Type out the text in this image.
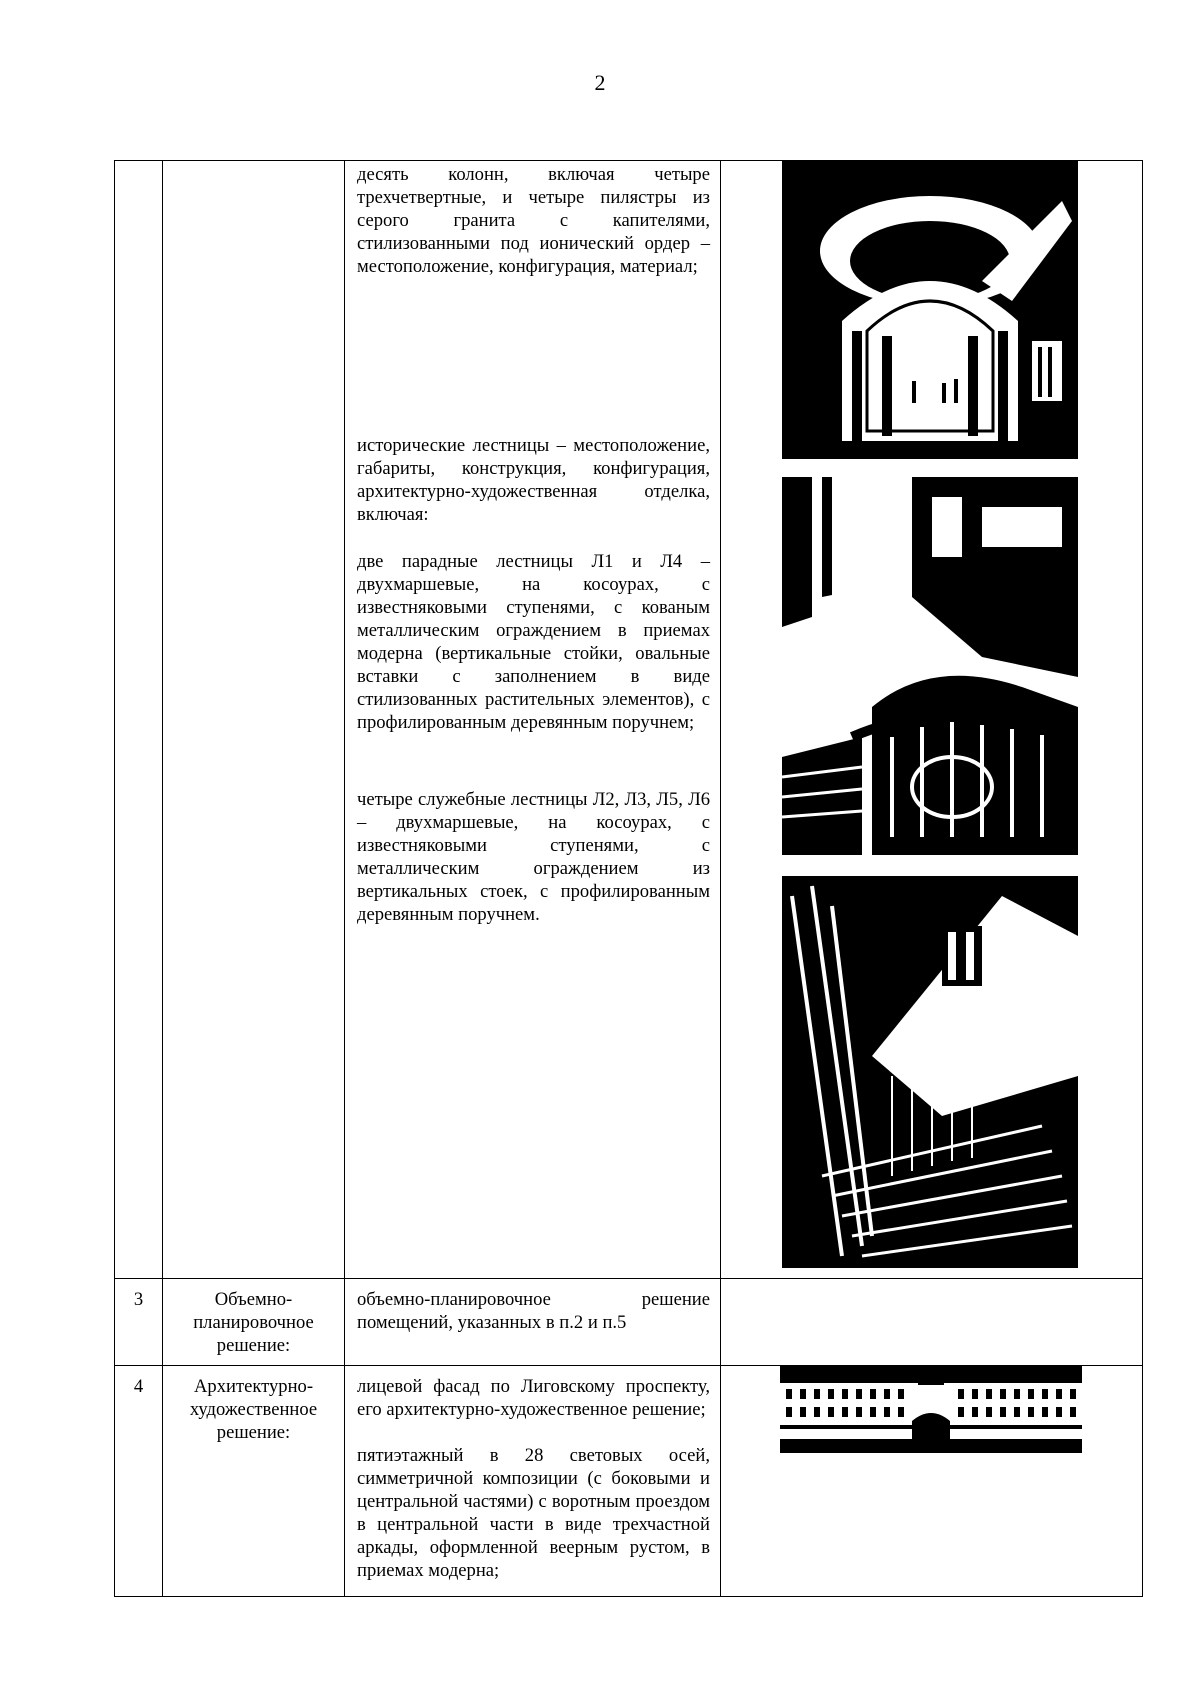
2

		десять колонн, включая четыре трехчетвертные, и четыре пилястры из серого гранита с капителями, стилизованными под ионический ордер – местоположение, конфигурация, материал;

исторические лестницы – местоположение, габариты, конструкция, конфигурация, архитектурно-художественная отделка, включая:

две парадные лестницы Л1 и Л4 – двухмаршевые, на косоурах, с известняковыми ступенями, с кованым металлическим ограждением в приемах модерна (вертикальные стойки, овальные вставки с заполнением в виде стилизованных растительных элементов), с профилированным деревянным поручнем;

четыре служебные лестницы Л2, Л3, Л5, Л6 – двухмаршевые, на косоурах, с известняковыми ступенями, с металлическим ограждением из вертикальных стоек, с профилированным деревянным поручнем.	

3	Объемно-планировочное решение:	объемно-планировочное решение помещений, указанных в п.2 и п.5	

4	Архитектурно-художественное решение:	лицевой фасад по Лиговскому проспекту, его архитектурно-художественное решение;

пятиэтажный в 28 световых осей, симметричной композиции (с боковыми и центральной частями) с воротным проездом в центральной части в виде трехчастной аркады, оформленной веерным рустом, в приемах модерна;	
